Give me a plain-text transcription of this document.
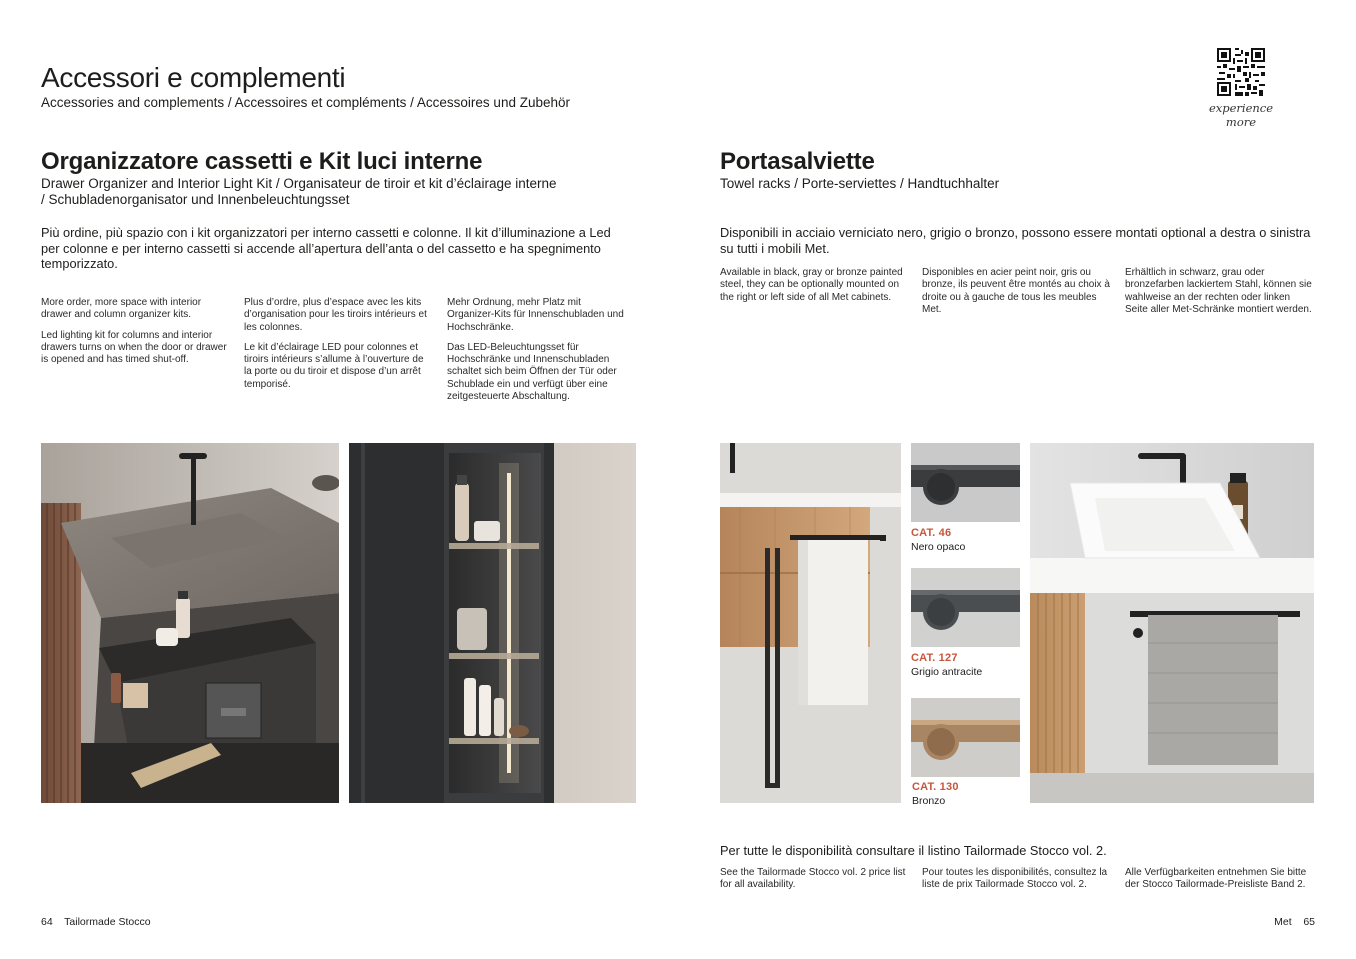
Accessori e complementi
Accessories and complements / Accessoires et compléments / Accessoires und Zubehör	experience more
Organizzatore cassetti e Kit luci interne
Drawer Organizer and Interior Light Kit / Organisateur de tiroir et kit d’éclairage interne
/ Schubladenorganisator und Innenbeleuchtungsset

Più ordine, più spazio con i kit organizzatori per interno cassetti e colonne. Il kit d’illuminazione a Led per colonne e per interno cassetti si accende all’apertura dell’anta o del cassetto e ha spegnimento temporizzato.

More order, more space with interior drawer and column organizer kits.

Led lighting kit for columns and interior drawers turns on when the door or drawer is opened and has timed shut-off.

Plus d’ordre, plus d’espace avec les kits d’organisation pour les tiroirs intérieurs et les colonnes.

Le kit d’éclairage LED pour colonnes et tiroirs intérieurs s’allume à l’ouverture de la porte ou du tiroir et dispose d’un arrêt temporisé.

Mehr Ordnung, mehr Platz mit Organizer-Kits für Innenschubladen und Hochschränke.

Das LED-Beleuchtungsset für Hochschränke und Innenschubladen schaltet sich beim Öffnen der Tür oder Schublade ein und verfügt über eine zeitgesteuerte Abschaltung.

Portasalviette
Towel racks / Porte-serviettes / Handtuchhalter

Disponibili in acciaio verniciato nero, grigio o bronzo, possono essere montati optional a destra o sinistra su tutti i mobili Met.

Available in black, gray or bronze painted steel, they can be optionally mounted on the right or left side of all Met cabinets.

Disponibles en acier peint noir, gris ou bronze, ils peuvent être montés au choix à droite ou à gauche de tous les meubles Met.

Erhältlich in schwarz, grau oder bronzefarben lackiertem Stahl, können sie wahlweise an der rechten oder linken Seite aller Met-Schränke montiert werden.

CAT. 46
Nero opaco
CAT. 127
Grigio antracite
CAT. 130
Bronzo
Per tutte le disponibilità consultare il listino Tailormade Stocco vol. 2.

See the Tailormade Stocco vol. 2 price list for all availability.

Pour toutes les disponibilités, consultez la liste de prix Tailormade Stocco vol. 2.

Alle Verfügbarkeiten entnehmen Sie bitte der Stocco Tailormade-Preisliste Band 2.

64 Tailormade Stocco	Met 65
